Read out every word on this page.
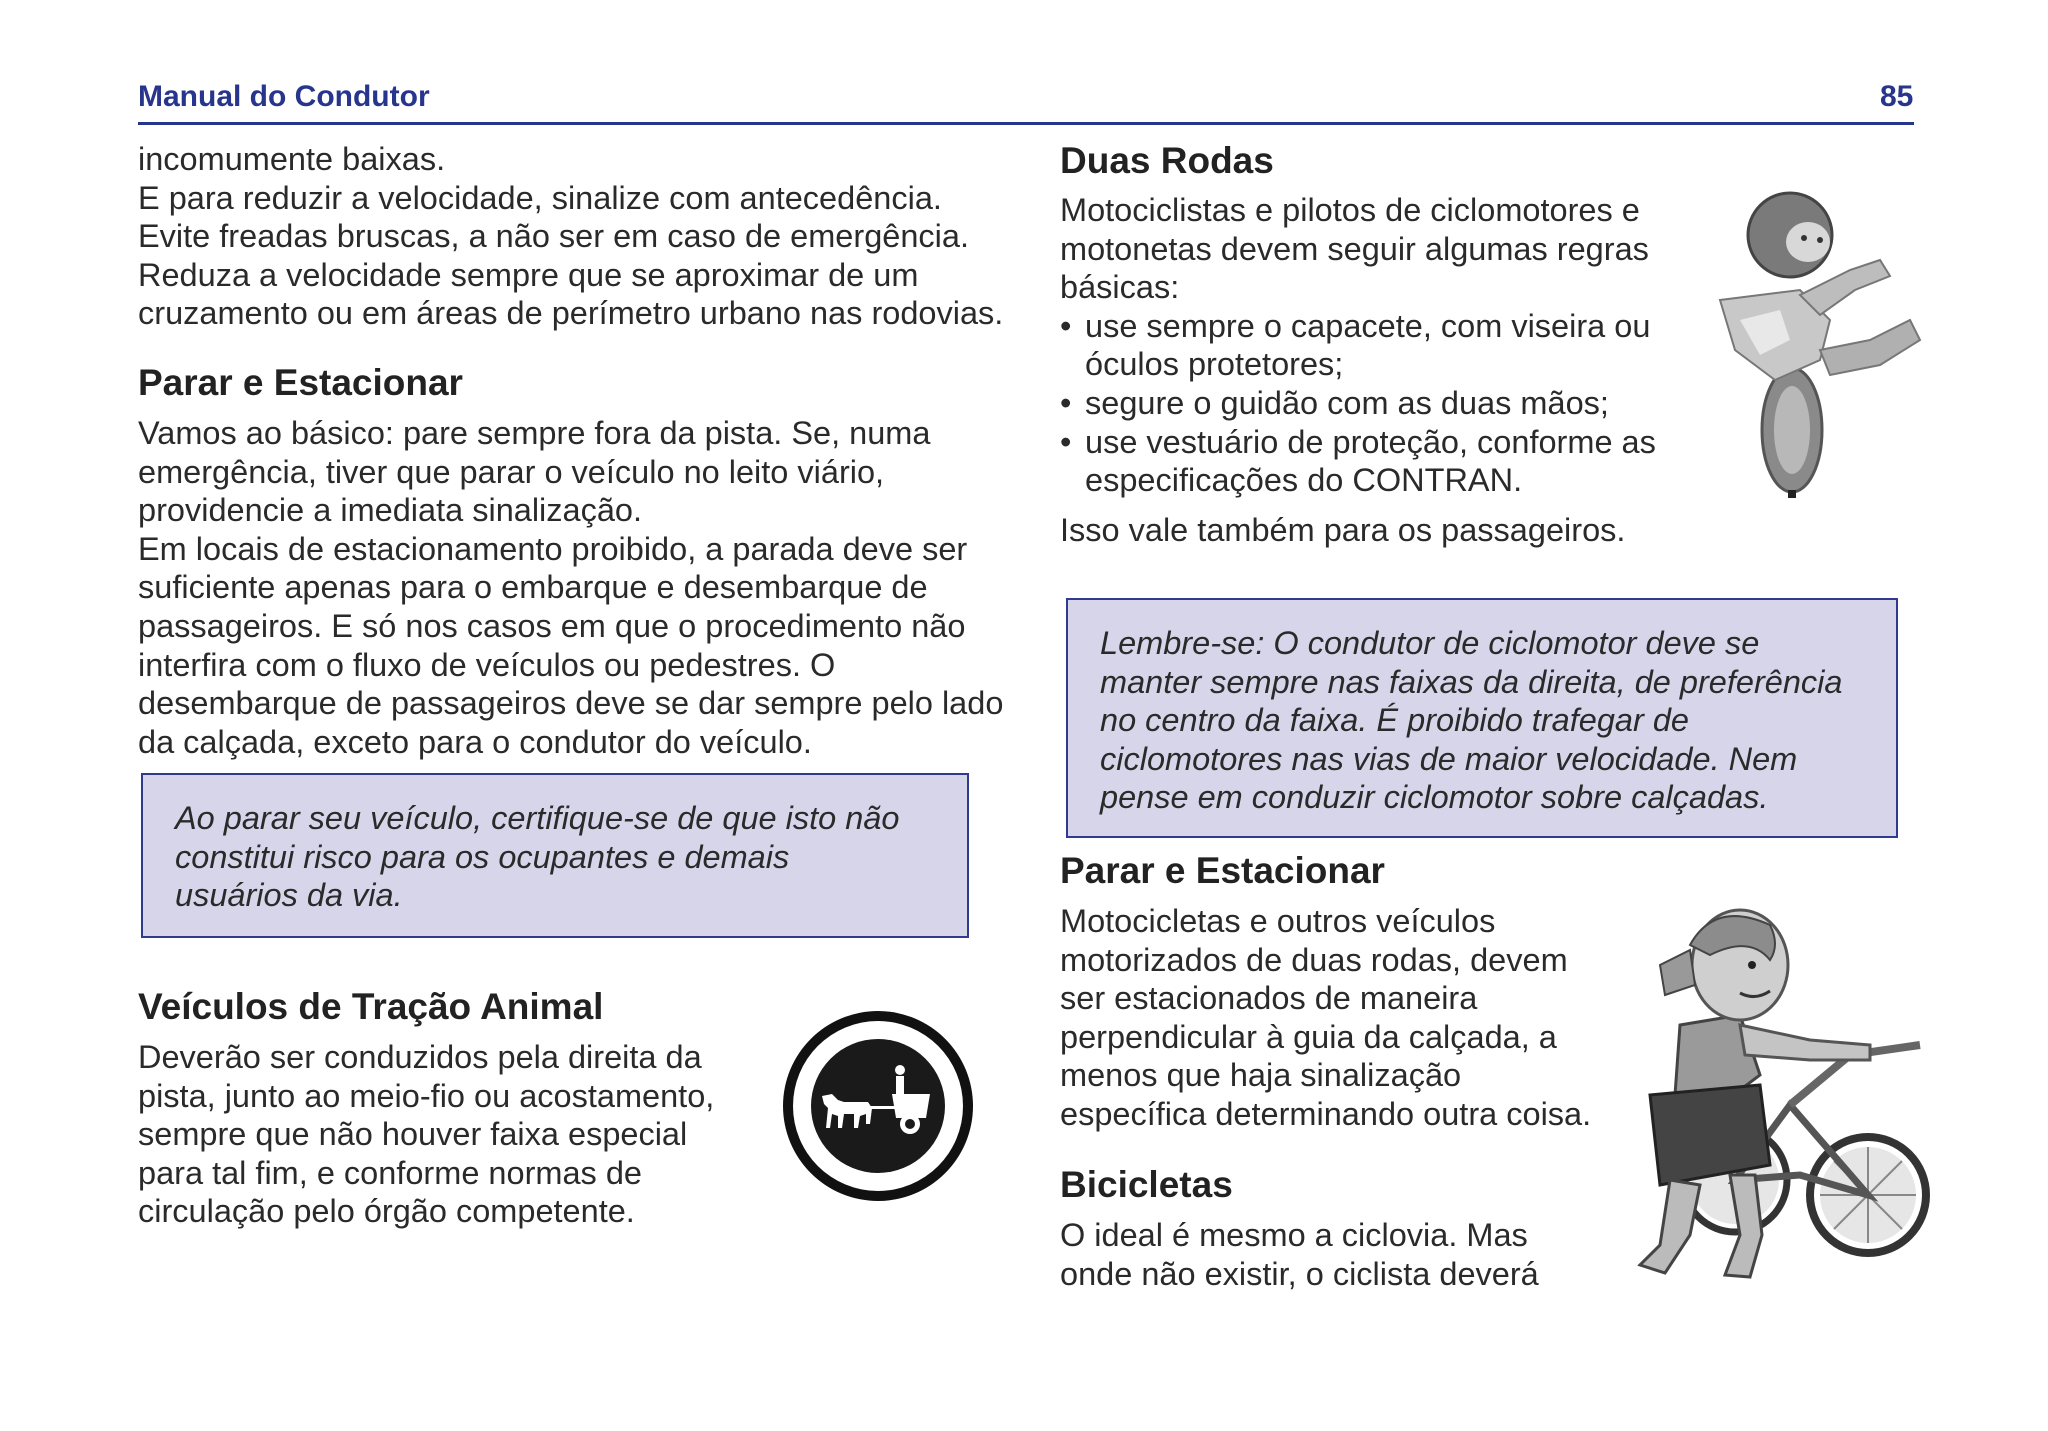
Manual do Condutor	85
incomumente baixas.
E para reduzir a velocidade, sinalize com antecedência.
Evite freadas bruscas, a não ser em caso de emergência.
Reduza a velocidade sempre que se aproximar de um
cruzamento ou em áreas de perímetro urbano nas rodovias.
Parar e Estacionar
Vamos ao básico: pare sempre fora da pista. Se, numa
emergência, tiver que parar o veículo no leito viário,
providencie a imediata sinalização.
Em locais de estacionamento proibido, a parada deve ser
suficiente apenas para o embarque e desembarque de
passageiros. E só nos casos em que o procedimento não
interfira com o fluxo de veículos ou pedestres. O
desembarque de passageiros deve se dar sempre pelo lado
da calçada, exceto para o condutor do veículo.
Ao parar seu veículo, certifique-se de que isto não
constitui risco para os ocupantes e demais
usuários da via.
Veículos de Tração Animal
Deverão ser conduzidos pela direita da
pista, junto ao meio-fio ou acostamento,
sempre que não houver faixa especial
para tal fim, e conforme normas de
circulação pelo órgão competente.
Duas Rodas
Motociclistas e pilotos de ciclomotores e
motonetas devem seguir algumas regras
básicas:
• use sempre o capacete, com viseira ou
óculos protetores;
• segure o guidão com as duas mãos;
• use vestuário de proteção, conforme as
especificações do CONTRAN.
Isso vale também para os passageiros.
Lembre-se: O condutor de ciclomotor deve se
manter sempre nas faixas da direita, de preferência
no centro da faixa. É proibido trafegar de
ciclomotores nas vias de maior velocidade. Nem
pense em conduzir ciclomotor sobre calçadas.
Parar e Estacionar
Motocicletas e outros veículos
motorizados de duas rodas, devem
ser estacionados de maneira
perpendicular à guia da calçada, a
menos que haja sinalização
específica determinando outra coisa.
Bicicletas
O ideal é mesmo a ciclovia. Mas
onde não existir, o ciclista deverá
